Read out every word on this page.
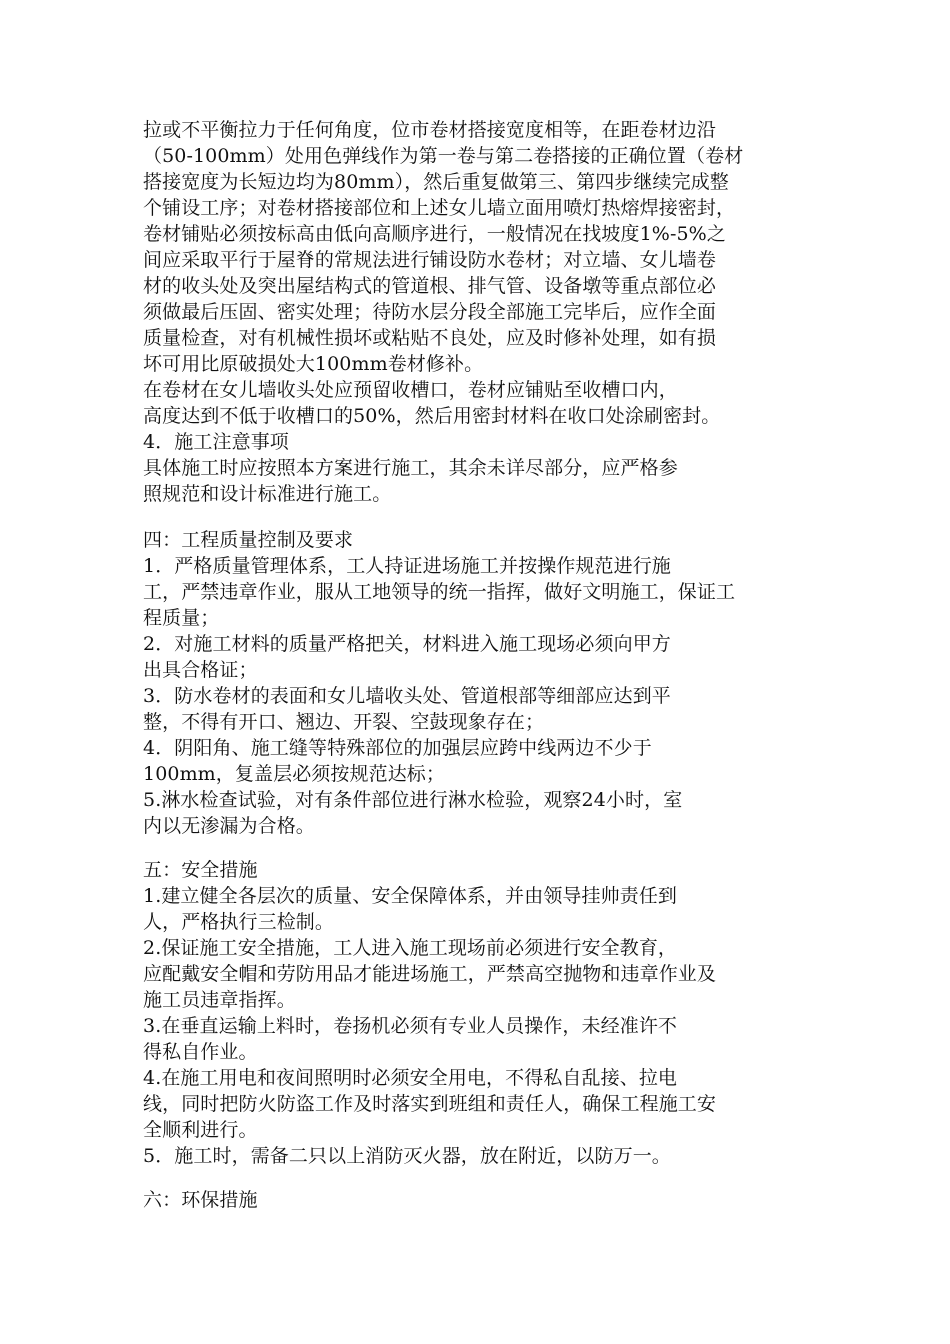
拉或不平衡拉力于任何角度，位市卷材搭接宽度相等，在距卷材边沿
（50-100mm）处用色弹线作为第一卷与第二卷搭接的正确位置（卷材
搭接宽度为长短边均为80mm），然后重复做第三、第四步继续完成整
个铺设工序；对卷材搭接部位和上述女儿墙立面用喷灯热熔焊接密封，
卷材铺贴必须按标高由低向高顺序进行，一般情况在找坡度1%-5%之
间应采取平行于屋脊的常规法进行铺设防水卷材；对立墙、女儿墙卷
材的收头处及突出屋结构式的管道根、排气管、设备墩等重点部位必
须做最后压固、密实处理；待防水层分段全部施工完毕后，应作全面
质量检查，对有机械性损坏或粘贴不良处，应及时修补处理，如有损
坏可用比原破损处大100mm卷材修补。
在卷材在女儿墙收头处应预留收槽口，卷材应铺贴至收槽口内，
高度达到不低于收槽口的50%，然后用密封材料在收口处涂刷密封。
4．施工注意事项
具体施工时应按照本方案进行施工，其余未详尽部分，应严格参
照规范和设计标准进行施工。
四：工程质量控制及要求
1．严格质量管理体系，工人持证进场施工并按操作规范进行施
工，严禁违章作业，服从工地领导的统一指挥，做好文明施工，保证工
程质量；
2．对施工材料的质量严格把关，材料进入施工现场必须向甲方
出具合格证；
3．防水卷材的表面和女儿墙收头处、管道根部等细部应达到平
整，不得有开口、翘边、开裂、空鼓现象存在；
4．阴阳角、施工缝等特殊部位的加强层应跨中线两边不少于
100mm，复盖层必须按规范达标；
5.淋水检查试验，对有条件部位进行淋水检验，观察24小时，室
内以无渗漏为合格。
五：安全措施
1.建立健全各层次的质量、安全保障体系，并由领导挂帅责任到
人，严格执行三检制。
2.保证施工安全措施，工人进入施工现场前必须进行安全教育，
应配戴安全帽和劳防用品才能进场施工，严禁高空抛物和违章作业及
施工员违章指挥。
3.在垂直运输上料时，卷扬机必须有专业人员操作，未经准许不
得私自作业。
4.在施工用电和夜间照明时必须安全用电，不得私自乱接、拉电
线，同时把防火防盗工作及时落实到班组和责任人，确保工程施工安
全顺利进行。
5．施工时，需备二只以上消防灭火器，放在附近，以防万一。
六：环保措施
